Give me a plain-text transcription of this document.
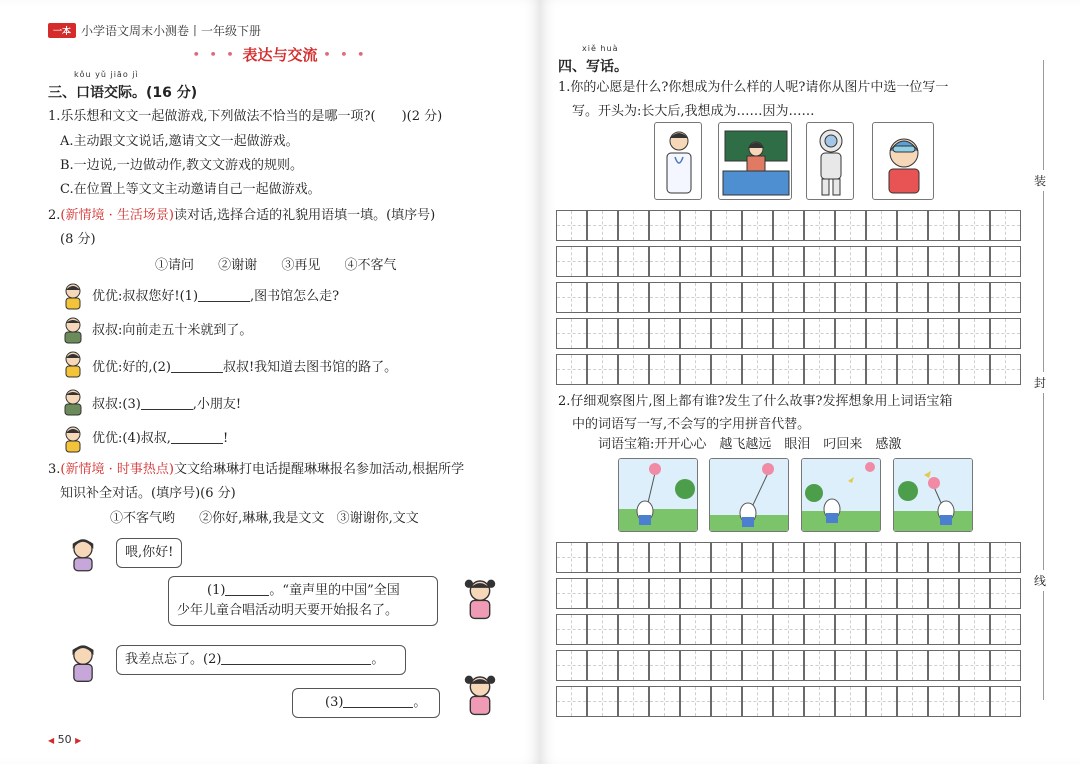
一本 小学语文周末小测卷丨一年级下册
• • • 表达与交流 • • •
kǒu yǔ jiāo jì
三、口语交际。(16 分)
1.乐乐想和文文一起做游戏,下列做法不恰当的是哪一项?(　　)(2 分)
A.主动跟文文说话,邀请文文一起做游戏。
B.一边说,一边做动作,教文文游戏的规则。
C.在位置上等文文主动邀请自己一起做游戏。
2.(新情境 · 生活场景)读对话,选择合适的礼貌用语填一填。(填序号)
(8 分)
①请问 ②谢谢 ③再见 ④不客气
优优:叔叔您好!(1)	,图书馆怎么走?
叔叔:向前走五十米就到了。
优优:好的,(2)	叔叔!我知道去图书馆的路了。
叔叔:(3)	,小朋友!
优优:(4)叔叔,	!
3.(新情境 · 时事热点)文文给琳琳打电话提醒琳琳报名参加活动,根据所学
知识补全对话。(填序号)(6 分)
①不客气哟 ②你好,琳琳,我是文文 ③谢谢你,文文
喂,你好!
(1)	。“童声里的中国”全国
少年儿童合唱活动明天要开始报名了。
我差点忘了。(2)	。
(3)	。
◀ 50 ▶
xiě huà
四、写话。
1.你的心愿是什么?你想成为什么样的人呢?请你从图片中选一位写一
写。开头为:长大后,我想成为……因为……
2.仔细观察图片,图上都有谁?发生了什么故事?发挥想象用上词语宝箱
中的词语写一写,不会写的字用拼音代替。
词语宝箱:开开心心　越飞越远　眼泪　叼回来　感激
装
封
线
